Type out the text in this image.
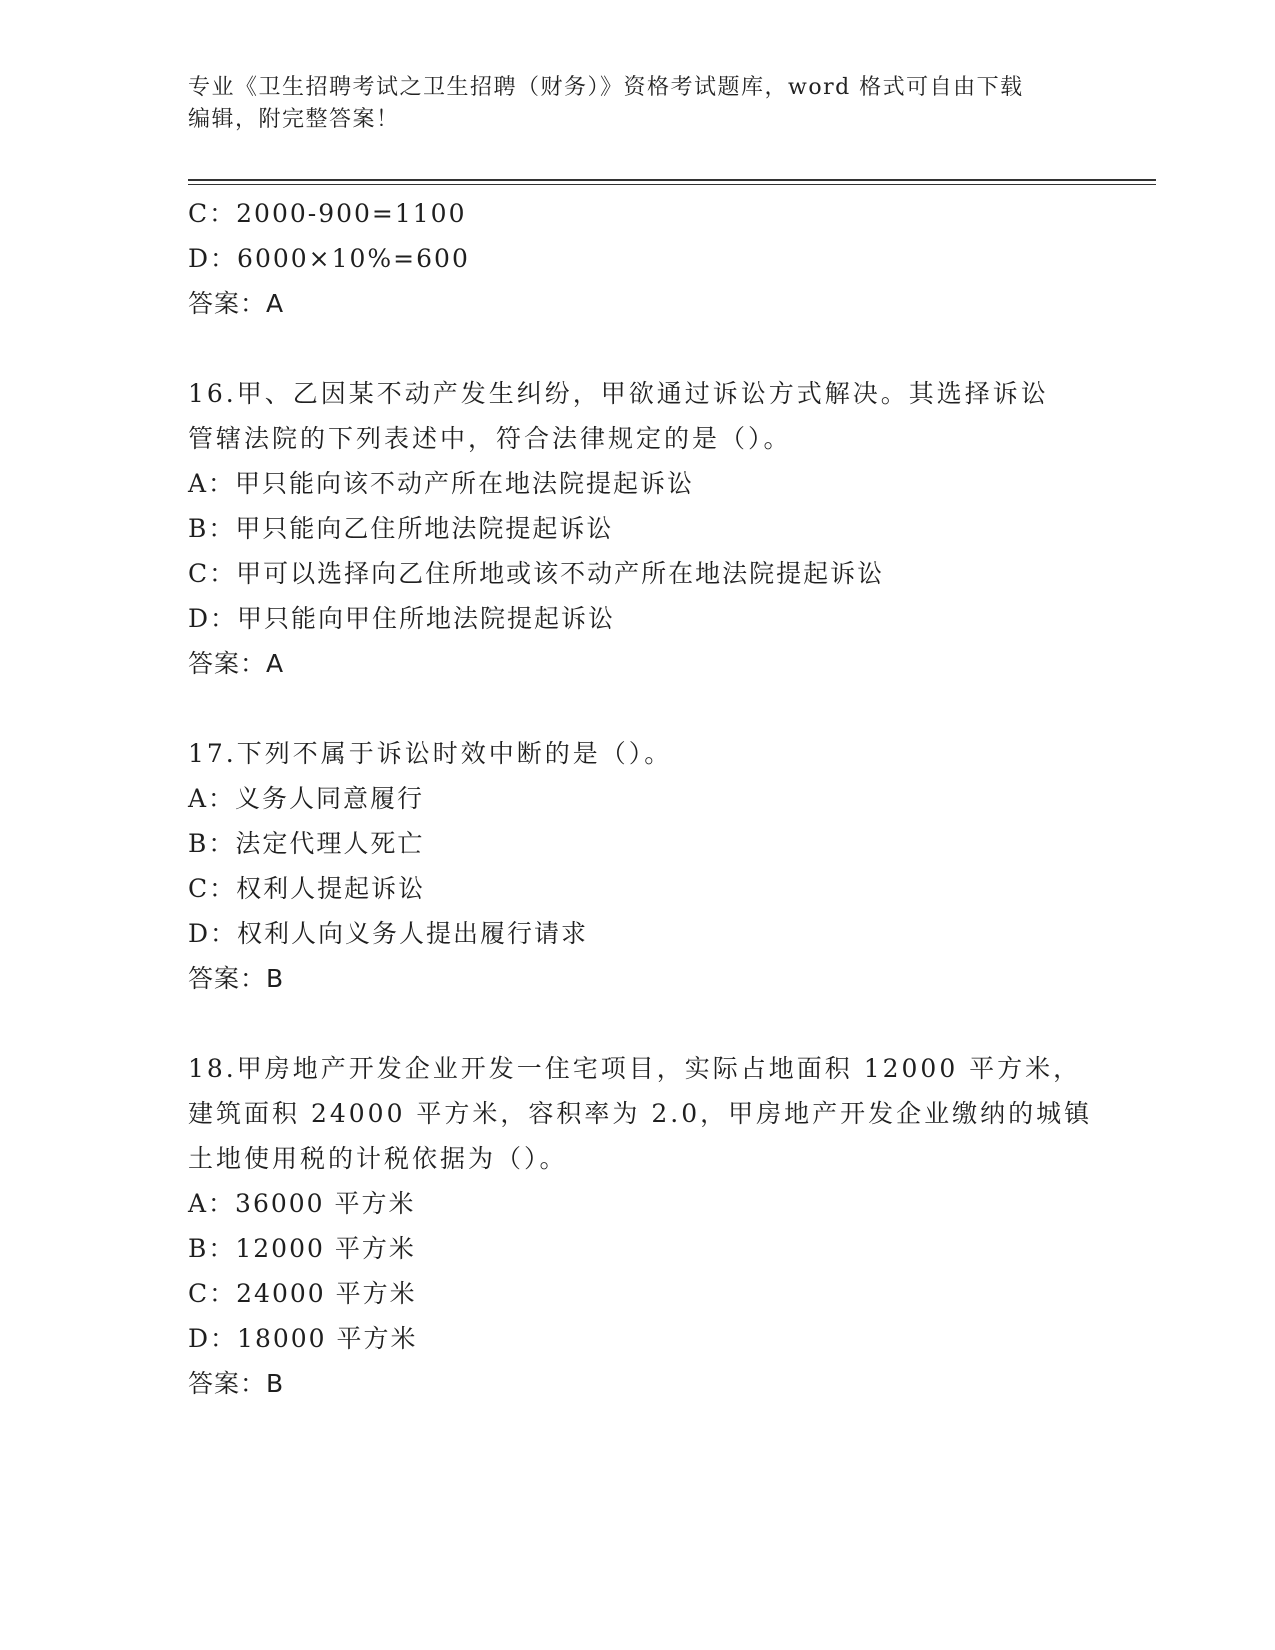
专业《卫生招聘考试之卫生招聘（财务）》资格考试题库，word 格式可自由下载
编辑，附完整答案！
C：2000-900=1100
D：6000×10%=600
答案：A
16.甲、乙因某不动产发生纠纷，甲欲通过诉讼方式解决。其选择诉讼
管辖法院的下列表述中，符合法律规定的是（）。
A：甲只能向该不动产所在地法院提起诉讼
B：甲只能向乙住所地法院提起诉讼
C：甲可以选择向乙住所地或该不动产所在地法院提起诉讼
D：甲只能向甲住所地法院提起诉讼
答案：A
17.下列不属于诉讼时效中断的是（）。
A：义务人同意履行
B：法定代理人死亡
C：权利人提起诉讼
D：权利人向义务人提出履行请求
答案：B
18.甲房地产开发企业开发一住宅项目，实际占地面积 12000 平方米，
建筑面积 24000 平方米，容积率为 2.0，甲房地产开发企业缴纳的城镇
土地使用税的计税依据为（）。
A：36000 平方米
B：12000 平方米
C：24000 平方米
D：18000 平方米
答案：B
